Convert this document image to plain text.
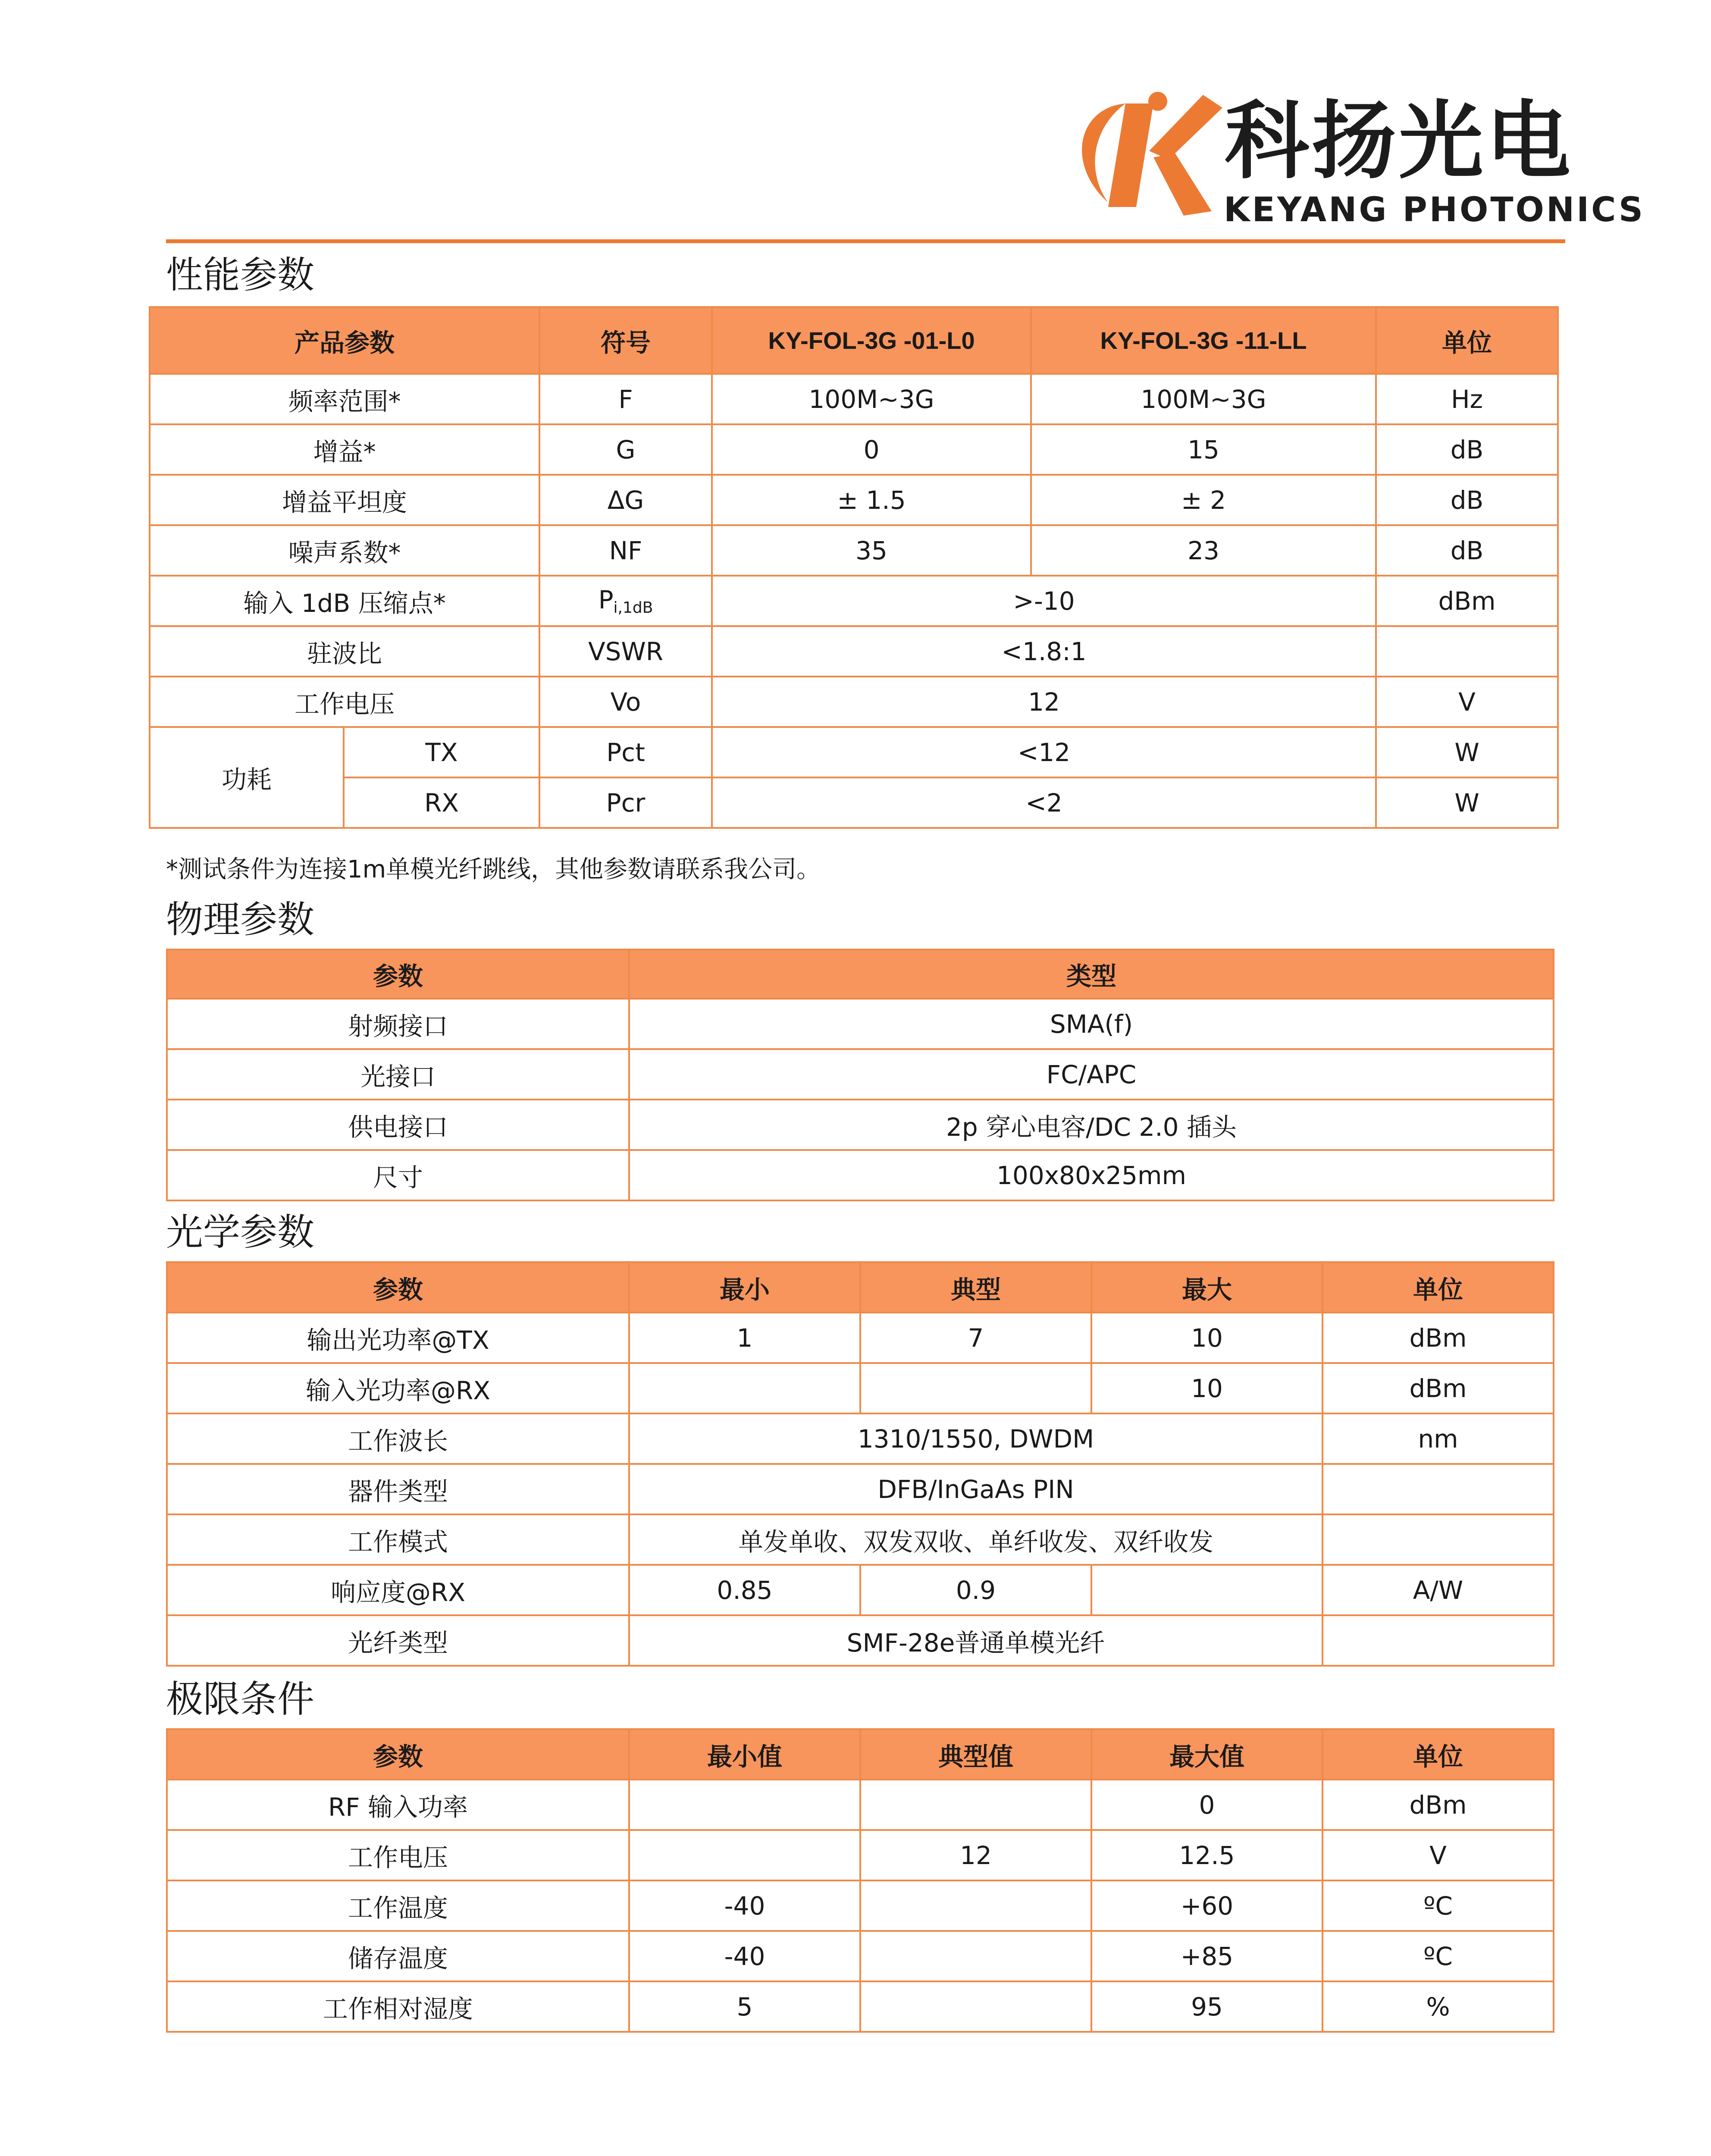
科扬光电
KEYANG PHOTONICS
性能参数
产品参数		符号	KY-FOL-3G -01-L0	KY-FOL-3G -11-LL	单位
频率范围*		F	100M~3G	100M~3G	Hz
增益*		G	0	15	dB
增益平坦度		ΔG	± 1.5	± 2	dB
噪声系数*		NF	35	23	dB
输入 1dB 压缩点*		$P_{i,1dB}$	>-10		dBm
驻波比		VSWR	<1.8:1		
工作电压		Vo	12		V
功耗	TX	Pct	<12		W
	RX	Pcr	<2		W
*测试条件为连接1m单模光纤跳线，其他参数请联系我公司。
物理参数
参数	类型
射频接口	SMA(f)
光接口	FC/APC
供电接口	2p 穿心电容/DC 2.0 插头
尺寸	100x80x25mm
光学参数
参数	最小	典型	最大	单位
输出光功率@TX	1	7	10	dBm
输入光功率@RX			10	dBm
工作波长	1310/1550, DWDM			nm
器件类型	DFB/InGaAs PIN			
工作模式	单发单收、双发双收、单纤收发、双纤收发			
响应度@RX	0.85	0.9		A/W
光纤类型	SMF-28e普通单模光纤			
极限条件
参数	最小值	典型值	最大值	单位
RF 输入功率			0	dBm
工作电压		12	12.5	V
工作温度	-40		+60	ºC
储存温度	-40		+85	ºC
工作相对湿度	5		95	%
